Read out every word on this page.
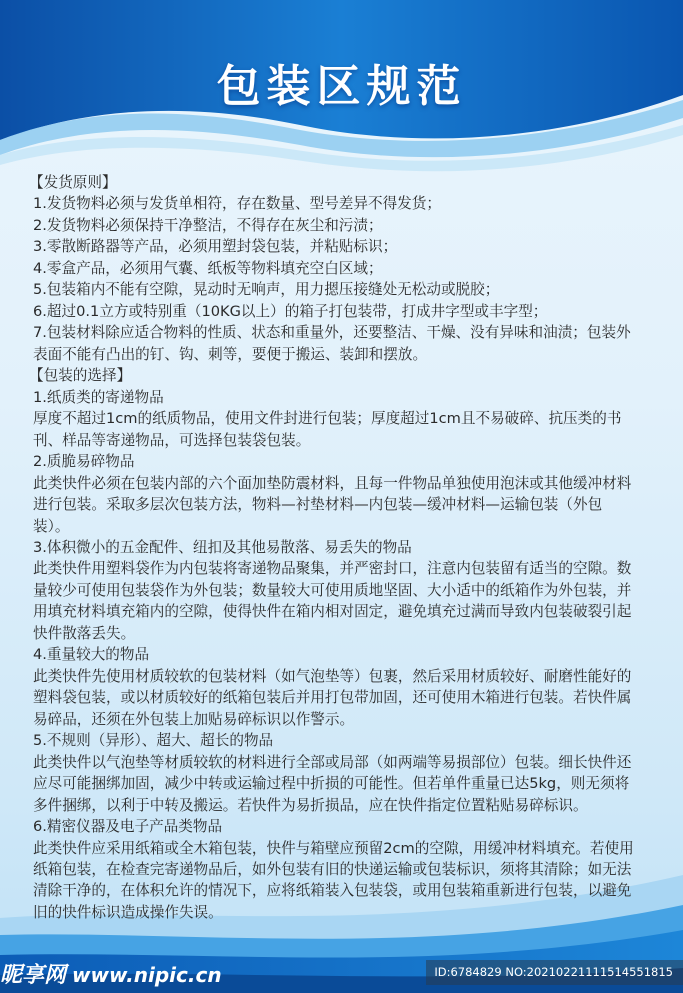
包装区规范
【发货原则】
1.发货物料必须与发货单相符，存在数量、型号差异不得发货；
2.发货物料必须保持干净整洁，不得存在灰尘和污渍；
3.零散断路器等产品，必须用塑封袋包装，并粘贴标识；
4.零盒产品，必须用气囊、纸板等物料填充空白区域；
5.包装箱内不能有空隙，晃动时无响声，用力摁压接缝处无松动或脱胶；
6.超过0.1立方或特别重（10KG以上）的箱子打包装带，打成井字型或丰字型；
7.包装材料除应适合物料的性质、状态和重量外，还要整洁、干燥、没有异味和油渍；包装外
表面不能有凸出的钉、钩、刺等，要便于搬运、装卸和摆放。
【包装的选择】
1.纸质类的寄递物品
厚度不超过1cm的纸质物品，使用文件封进行包装；厚度超过1cm且不易破碎、抗压类的书
刊、样品等寄递物品，可选择包装袋包装。
2.质脆易碎物品
此类快件必须在包装内部的六个面加垫防震材料，且每一件物品单独使用泡沫或其他缓冲材料
进行包装。采取多层次包装方法，物料—衬垫材料—内包装—缓冲材料—运输包装（外包
装）。
3.体积微小的五金配件、纽扣及其他易散落、易丢失的物品
此类快件用塑料袋作为内包装将寄递物品聚集，并严密封口，注意内包装留有适当的空隙。数
量较少可使用包装袋作为外包装；数量较大可使用质地坚固、大小适中的纸箱作为外包装，并
用填充材料填充箱内的空隙，使得快件在箱内相对固定，避免填充过满而导致内包装破裂引起
快件散落丢失。
4.重量较大的物品
此类快件先使用材质较软的包装材料（如气泡垫等）包裹，然后采用材质较好、耐磨性能好的
塑料袋包装，或以材质较好的纸箱包装后并用打包带加固，还可使用木箱进行包装。若快件属
易碎品，还须在外包装上加贴易碎标识以作警示。
5.不规则（异形）、超大、超长的物品
此类快件以气泡垫等材质较软的材料进行全部或局部（如两端等易损部位）包装。细长快件还
应尽可能捆绑加固，减少中转或运输过程中折损的可能性。但若单件重量已达5kg，则无须将
多件捆绑，以利于中转及搬运。若快件为易折损品，应在快件指定位置粘贴易碎标识。
6.精密仪器及电子产品类物品
此类快件应采用纸箱或全木箱包装，快件与箱壁应预留2cm的空隙，用缓冲材料填充。若使用
纸箱包装，在检查完寄递物品后，如外包装有旧的快递运输或包装标识，须将其清除；如无法
清除干净的，在体积允许的情况下，应将纸箱装入包装袋，或用包装箱重新进行包装，以避免
旧的快件标识造成操作失误。
昵享网 www.nipic.cn	ID:6784829 NO:20210221111514551815
